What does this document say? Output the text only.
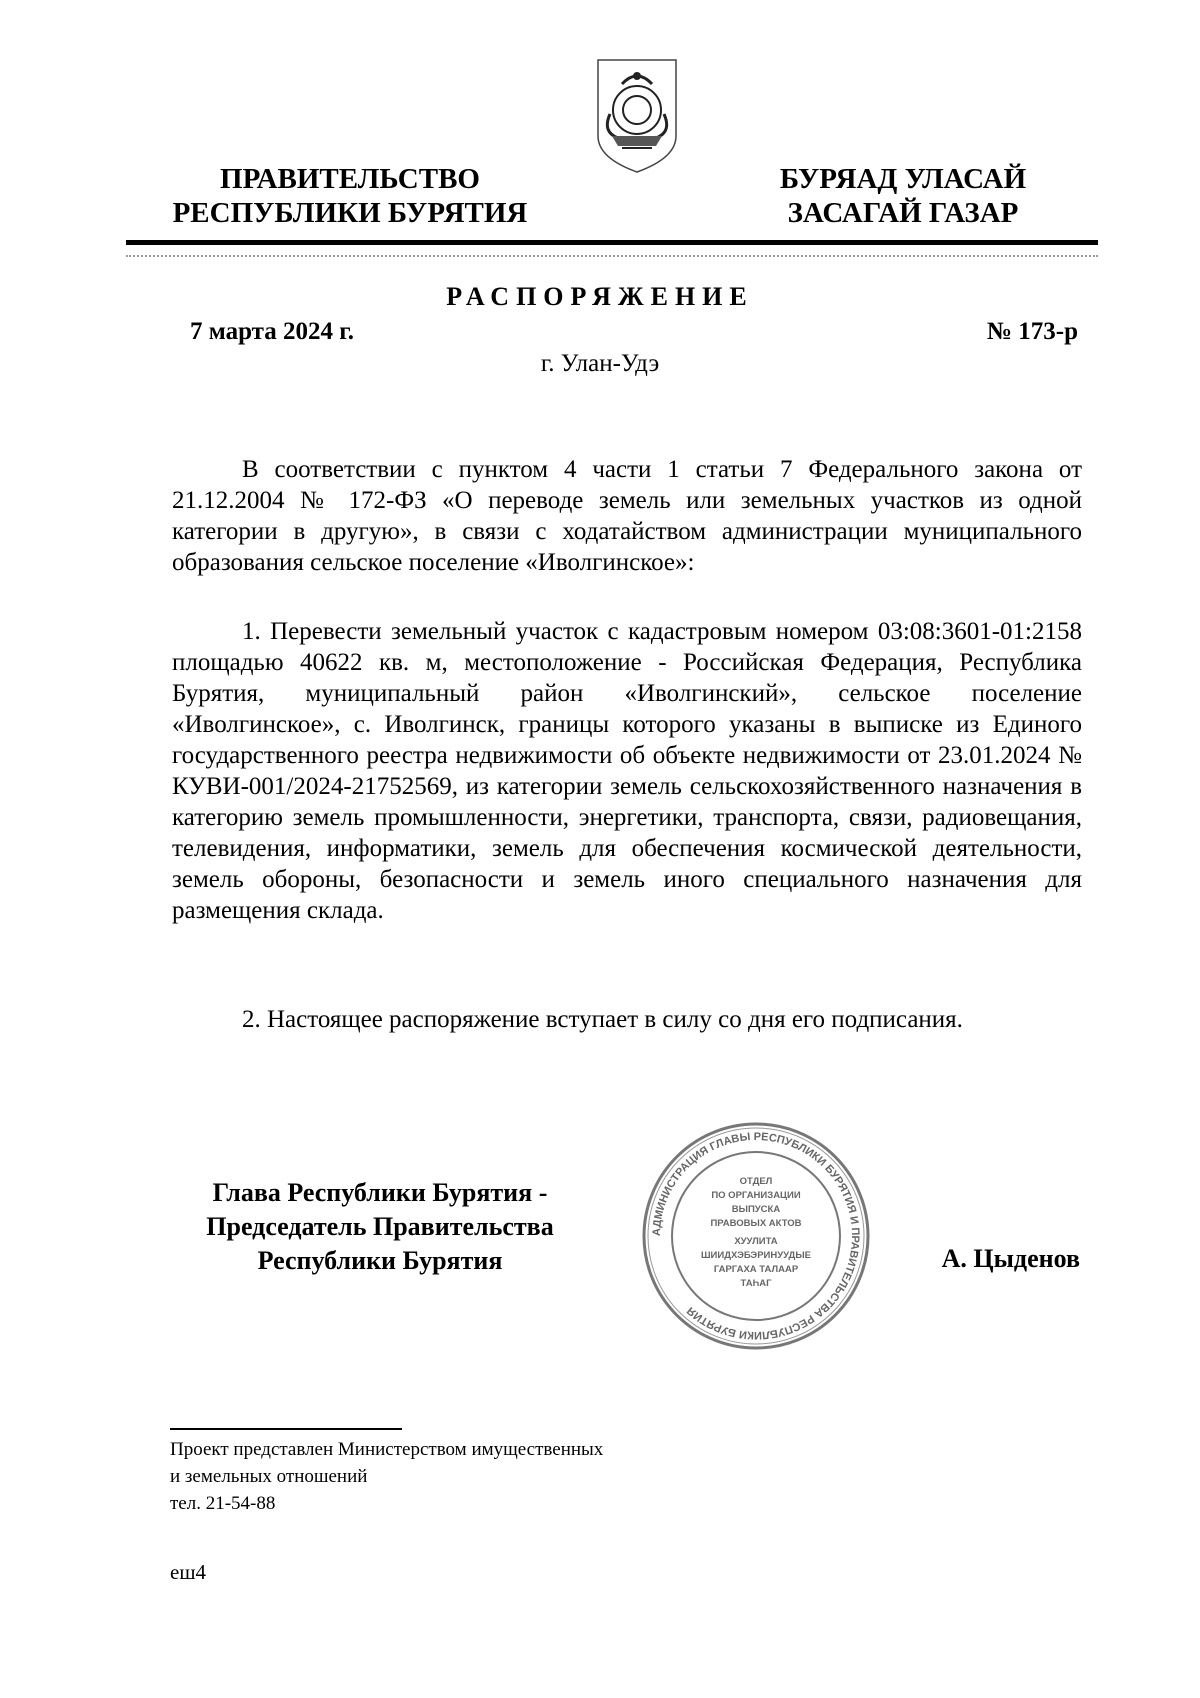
ПРАВИТЕЛЬСТВО
РЕСПУБЛИКИ БУРЯТИЯ
БУРЯАД УЛАСАЙ
ЗАСАГАЙ ГАЗАР
РАСПОРЯЖЕНИЕ
7 марта 2024 г.	№ 173-р
г. Улан-Удэ

В соответствии с пунктом 4 части 1 статьи 7 Федерального закона от 21.12.2004 № 172-ФЗ «О переводе земель или земельных участков из одной категории в другую», в связи с ходатайством администрации муниципального образования сельское поселение «Иволгинское»:

1. Перевести земельный участок с кадастровым номером 03:08:3601-01:2158 площадью 40622 кв. м, местоположение - Российская Федерация, Республика Бурятия, муниципальный район «Иволгинский», сельское поселение «Иволгинское», с. Иволгинск, границы которого указаны в выписке из Единого государственного реестра недвижимости об объекте недвижимости от 23.01.2024 № КУВИ-001/2024-21752569, из категории земель сельскохозяйственного назначения в категорию земель промышленности, энергетики, транспорта, связи, радиовещания, телевидения, информатики, земель для обеспечения космической деятельности, земель обороны, безопасности и земель иного специального назначения для размещения склада.

2. Настоящее распоряжение вступает в силу со дня его подписания.

Глава Республики Бурятия -
Председатель Правительства
Республики Бурятия	А. Цыденов
АДМИНИСТРАЦИЯ ГЛАВЫ РЕСПУБЛИКИ БУРЯТИЯ И ПРАВИТЕЛЬСТВА РЕСПУБЛИКИ БУРЯТИЯ
ОТДЕЛ
ПО ОРГАНИЗАЦИИ
ВЫПУСКА
ПРАВОВЫХ АКТОВ
ХУУЛИТА
ШИИДХЭБЭРИНУУДЫЕ
ГАРГАХА ТАЛААР
ТАҺАГ
Проект представлен Министерством имущественных
и земельных отношений
тел. 21-54-88
еш4
